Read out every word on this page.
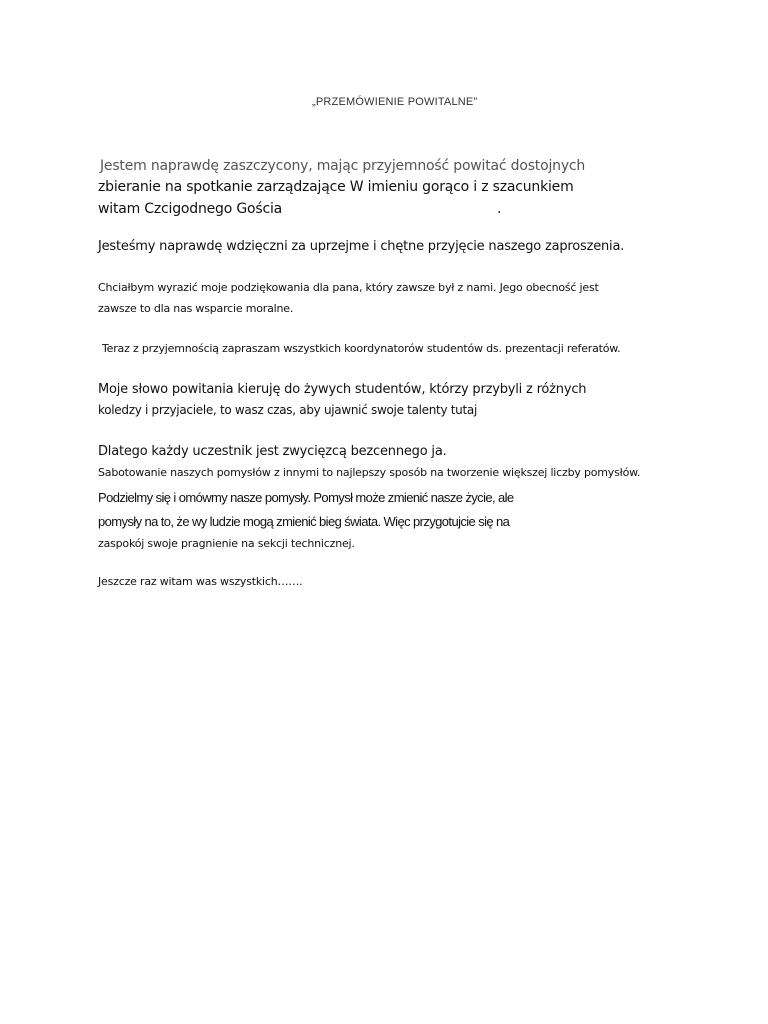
„PRZEMÓWIENIE POWITALNE”

Jestem naprawdę zaszczycony, mając przyjemność powitać dostojnych

zbieranie na spotkanie zarządzające W imieniu gorąco i z szacunkiem

witam Czcigodnego Gościa	.

Jesteśmy naprawdę wdzięczni za uprzejme i chętne przyjęcie naszego zaproszenia.

Chciałbym wyrazić moje podziękowania dla pana, który zawsze był z nami. Jego obecność jest

zawsze to dla nas wsparcie moralne.

Teraz z przyjemnością zapraszam wszystkich koordynatorów studentów ds. prezentacji referatów.

Moje słowo powitania kieruję do żywych studentów, którzy przybyli z różnych

koledzy i przyjaciele, to wasz czas, aby ujawnić swoje talenty tutaj

Dlatego każdy uczestnik jest zwycięzcą bezcennego ja.

Sabotowanie naszych pomysłów z innymi to najlepszy sposób na tworzenie większej liczby pomysłów.

Podzielmy się i omówmy nasze pomysły. Pomysł może zmienić nasze życie, ale

pomysły na to, że wy ludzie mogą zmienić bieg świata. Więc przygotujcie się na

zaspokój swoje pragnienie na sekcji technicznej.

Jeszcze raz witam was wszystkich…….
